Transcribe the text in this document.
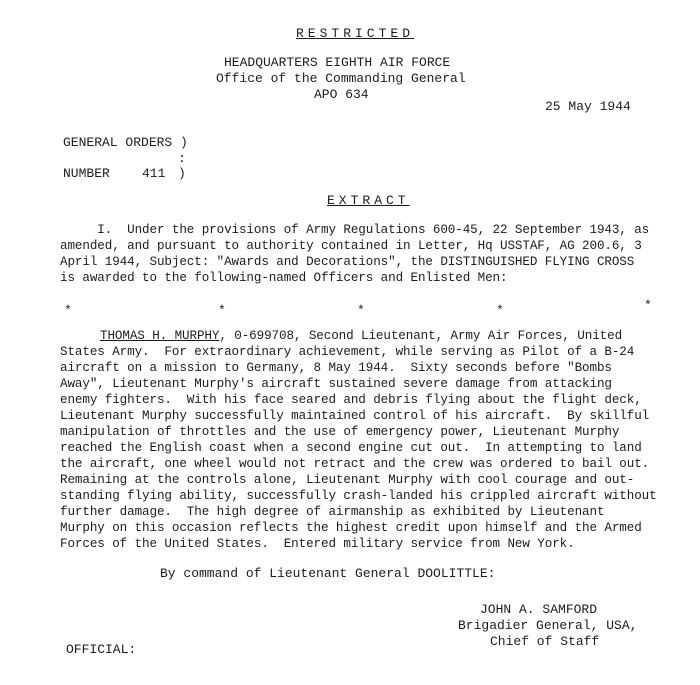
RESTRICTED
HEADQUARTERS EIGHTH AIR FORCE
Office of the Commanding General
APO 634
25 May 1944
GENERAL ORDERS )
:
NUMBER 411 )
EXTRACT
I.  Under the provisions of Army Regulations 600-45, 22 September 1943, as
amended, and pursuant to authority contained in Letter, Hq USSTAF, AG 200.6, 3
April 1944, Subject: "Awards and Decorations", the DISTINGUISHED FLYING CROSS
is awarded to the following-named Officers and Enlisted Men:
*	*	*	*	*
THOMAS H. MURPHY, 0-699708, Second Lieutenant, Army Air Forces, United
States Army.  For extraordinary achievement, while serving as Pilot of a B-24
aircraft on a mission to Germany, 8 May 1944.  Sixty seconds before "Bombs
Away", Lieutenant Murphy's aircraft sustained severe damage from attacking
enemy fighters.  With his face seared and debris flying about the flight deck,
Lieutenant Murphy successfully maintained control of his aircraft.  By skillful
manipulation of throttles and the use of emergency power, Lieutenant Murphy
reached the English coast when a second engine cut out.  In attempting to land
the aircraft, one wheel would not retract and the crew was ordered to bail out.
Remaining at the controls alone, Lieutenant Murphy with cool courage and out-
standing flying ability, successfully crash-landed his crippled aircraft without
further damage.  The high degree of airmanship as exhibited by Lieutenant
Murphy on this occasion reflects the highest credit upon himself and the Armed
Forces of the United States.  Entered military service from New York.
By command of Lieutenant General DOOLITTLE:
JOHN A. SAMFORD
Brigadier General, USA,
Chief of Staff
OFFICIAL:
